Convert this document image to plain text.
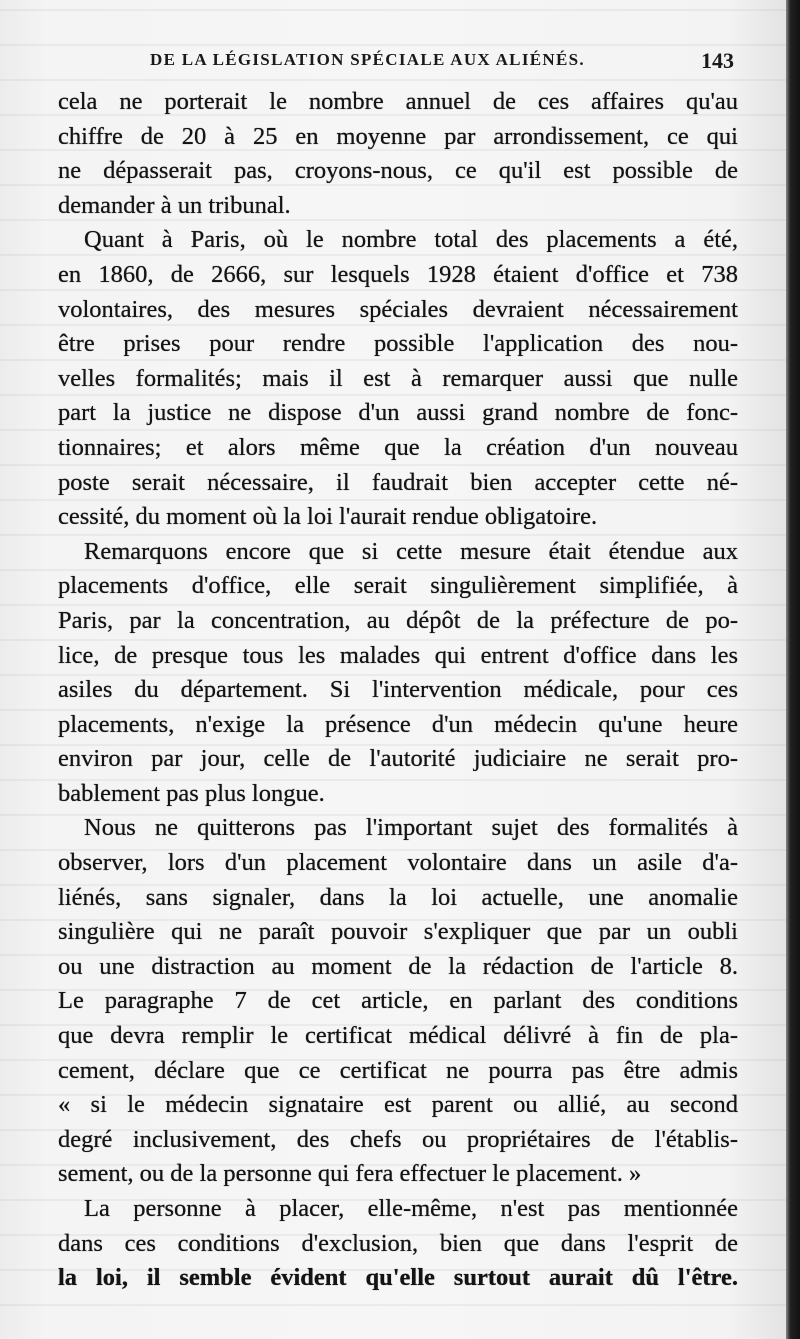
DE LA LÉGISLATION SPÉCIALE AUX ALIÉNÉS.	143
cela ne porterait le nombre annuel de ces affaires qu'au
chiffre de 20 à 25 en moyenne par arrondissement, ce qui
ne dépasserait pas, croyons-nous, ce qu'il est possible de
demander à un tribunal.
Quant à Paris, où le nombre total des placements a été,
en 1860, de 2666, sur lesquels 1928 étaient d'office et 738
volontaires, des mesures spéciales devraient nécessairement
être prises pour rendre possible l'application des nou-
velles formalités; mais il est à remarquer aussi que nulle
part la justice ne dispose d'un aussi grand nombre de fonc-
tionnaires; et alors même que la création d'un nouveau
poste serait nécessaire, il faudrait bien accepter cette né-
cessité, du moment où la loi l'aurait rendue obligatoire.
Remarquons encore que si cette mesure était étendue aux
placements d'office, elle serait singulièrement simplifiée, à
Paris, par la concentration, au dépôt de la préfecture de po-
lice, de presque tous les malades qui entrent d'office dans les
asiles du département. Si l'intervention médicale, pour ces
placements, n'exige la présence d'un médecin qu'une heure
environ par jour, celle de l'autorité judiciaire ne serait pro-
bablement pas plus longue.
Nous ne quitterons pas l'important sujet des formalités à
observer, lors d'un placement volontaire dans un asile d'a-
liénés, sans signaler, dans la loi actuelle, une anomalie
singulière qui ne paraît pouvoir s'expliquer que par un oubli
ou une distraction au moment de la rédaction de l'article 8.
Le paragraphe 7 de cet article, en parlant des conditions
que devra remplir le certificat médical délivré à fin de pla-
cement, déclare que ce certificat ne pourra pas être admis
« si le médecin signataire est parent ou allié, au second
degré inclusivement, des chefs ou propriétaires de l'établis-
sement, ou de la personne qui fera effectuer le placement. »
La personne à placer, elle-même, n'est pas mentionnée
dans ces conditions d'exclusion, bien que dans l'esprit de
la loi, il semble évident qu'elle surtout aurait dû l'être.
